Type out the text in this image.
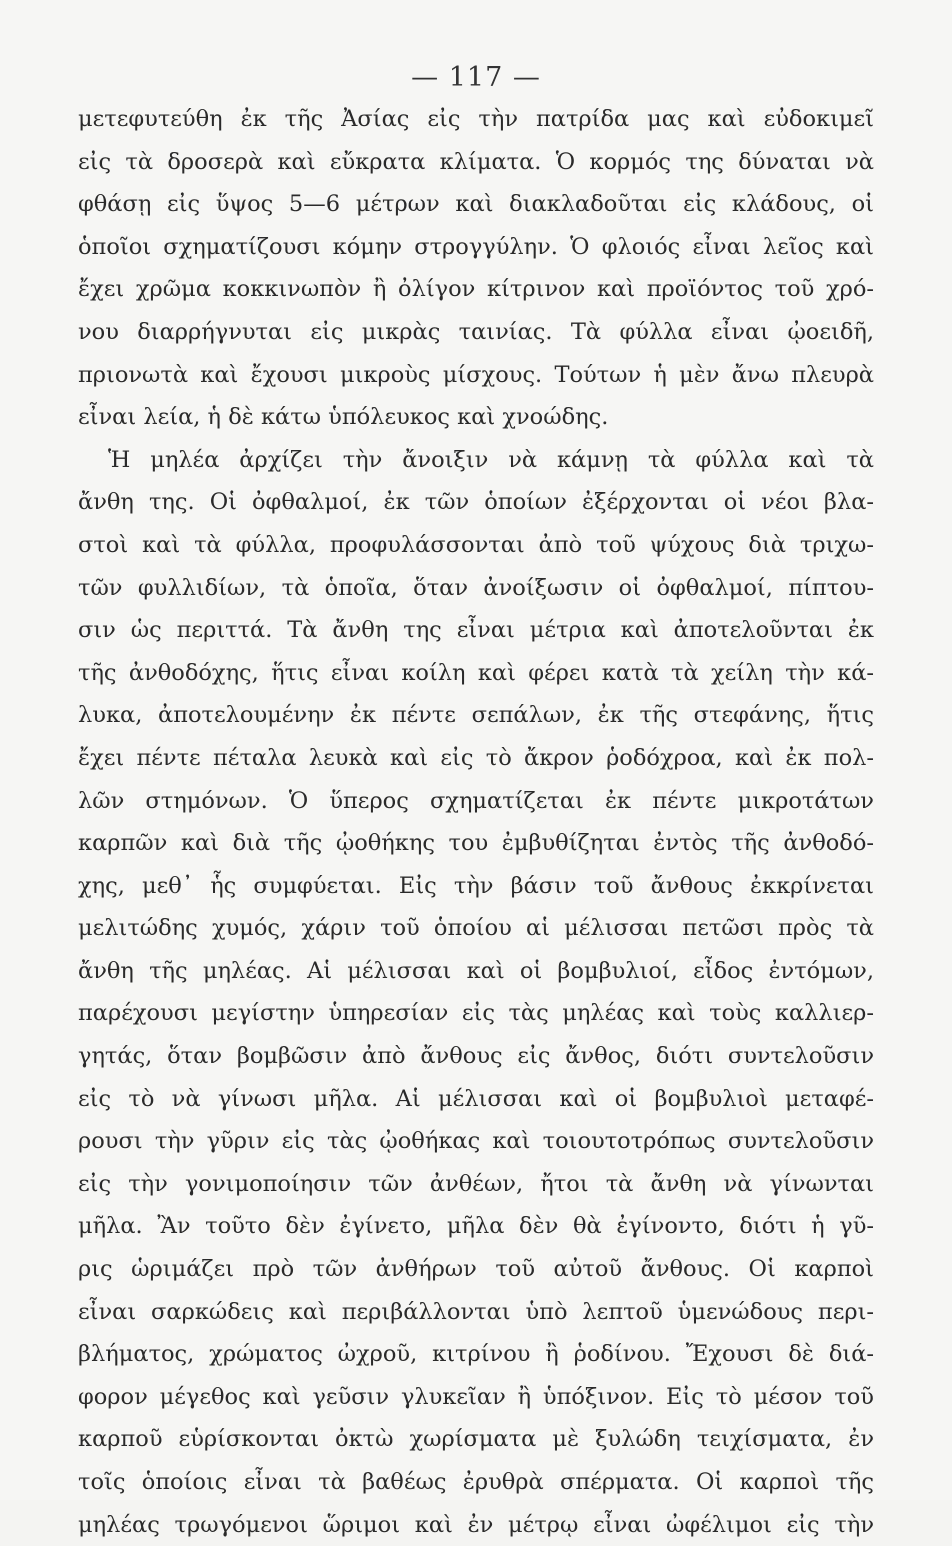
— 117 —
μετεφυτεύθη ἐκ τῆς Ἀσίας εἰς τὴν πατρίδα μας καὶ εὐδοκιμεῖ
εἰς τὰ δροσερὰ καὶ εὔκρατα κλίματα. Ὁ κορμός της δύναται νὰ
φθάσῃ εἰς ὕψος 5—6 μέτρων καὶ διακλαδοῦται εἰς κλάδους, οἱ
ὁποῖοι σχηματίζουσι κόμην στρογγύλην. Ὁ φλοιός εἶναι λεῖος καὶ
ἔχει χρῶμα κοκκινωπὸν ἢ ὀλίγον κίτρινον καὶ προϊόντος τοῦ χρό-
νου διαρρήγνυται εἰς μικρὰς ταινίας. Τὰ φύλλα εἶναι ᾠοειδῆ,
πριονωτὰ καὶ ἔχουσι μικροὺς μίσχους. Τούτων ἡ μὲν ἄνω πλευρὰ
εἶναι λεία, ἡ δὲ κάτω ὑπόλευκος καὶ χνοώδης.
Ἡ μηλέα ἀρχίζει τὴν ἄνοιξιν νὰ κάμνῃ τὰ φύλλα καὶ τὰ
ἄνθη της. Οἱ ὀφθαλμοί, ἐκ τῶν ὁποίων ἐξέρχονται οἱ νέοι βλα-
στοὶ καὶ τὰ φύλλα, προφυλάσσονται ἀπὸ τοῦ ψύχους διὰ τριχω-
τῶν φυλλιδίων, τὰ ὁποῖα, ὅταν ἀνοίξωσιν οἱ ὀφθαλμοί, πίπτου-
σιν ὡς περιττά. Τὰ ἄνθη της εἶναι μέτρια καὶ ἀποτελοῦνται ἐκ
τῆς ἀνθοδόχης, ἥτις εἶναι κοίλη καὶ φέρει κατὰ τὰ χείλη τὴν κά-
λυκα, ἀποτελουμένην ἐκ πέντε σεπάλων, ἐκ τῆς στεφάνης, ἥτις
ἔχει πέντε πέταλα λευκὰ καὶ εἰς τὸ ἄκρον ῥοδόχροα, καὶ ἐκ πολ-
λῶν στημόνων. Ὁ ὕπερος σχηματίζεται ἐκ πέντε μικροτάτων
καρπῶν καὶ διὰ τῆς ᾠοθήκης του ἐμβυθίζηται ἐντὸς τῆς ἀνθοδό-
χης, μεθ᾽ ἧς συμφύεται. Εἰς τὴν βάσιν τοῦ ἄνθους ἐκκρίνεται
μελιτώδης χυμός, χάριν τοῦ ὁποίου αἱ μέλισσαι πετῶσι πρὸς τὰ
ἄνθη τῆς μηλέας. Αἱ μέλισσαι καὶ οἱ βομβυλιοί, εἶδος ἐντόμων,
παρέχουσι μεγίστην ὑπηρεσίαν εἰς τὰς μηλέας καὶ τοὺς καλλιερ-
γητάς, ὅταν βομβῶσιν ἀπὸ ἄνθους εἰς ἄνθος, διότι συντελοῦσιν
εἰς τὸ νὰ γίνωσι μῆλα. Αἱ μέλισσαι καὶ οἱ βομβυλιοὶ μεταφέ-
ρουσι τὴν γῦριν εἰς τὰς ᾠοθήκας καὶ τοιουτοτρόπως συντελοῦσιν
εἰς τὴν γονιμοποίησιν τῶν ἀνθέων, ἤτοι τὰ ἄνθη νὰ γίνωνται
μῆλα. Ἂν τοῦτο δὲν ἐγίνετο, μῆλα δὲν θὰ ἐγίνοντο, διότι ἡ γῦ-
ρις ὡριμάζει πρὸ τῶν ἀνθήρων τοῦ αὐτοῦ ἄνθους. Οἱ καρποὶ
εἶναι σαρκώδεις καὶ περιβάλλονται ὑπὸ λεπτοῦ ὑμενώδους περι-
βλήματος, χρώματος ὠχροῦ, κιτρίνου ἢ ῥοδίνου. Ἔχουσι δὲ διά-
φορον μέγεθος καὶ γεῦσιν γλυκεῖαν ἢ ὑπόξινον. Εἰς τὸ μέσον τοῦ
καρποῦ εὑρίσκονται ὀκτὼ χωρίσματα μὲ ξυλώδη τειχίσματα, ἐν
τοῖς ὁποίοις εἶναι τὰ βαθέως ἐρυθρὰ σπέρματα. Οἱ καρποὶ τῆς
μηλέας τρωγόμενοι ὥριμοι καὶ ἐν μέτρῳ εἶναι ὠφέλιμοι εἰς τὴν
